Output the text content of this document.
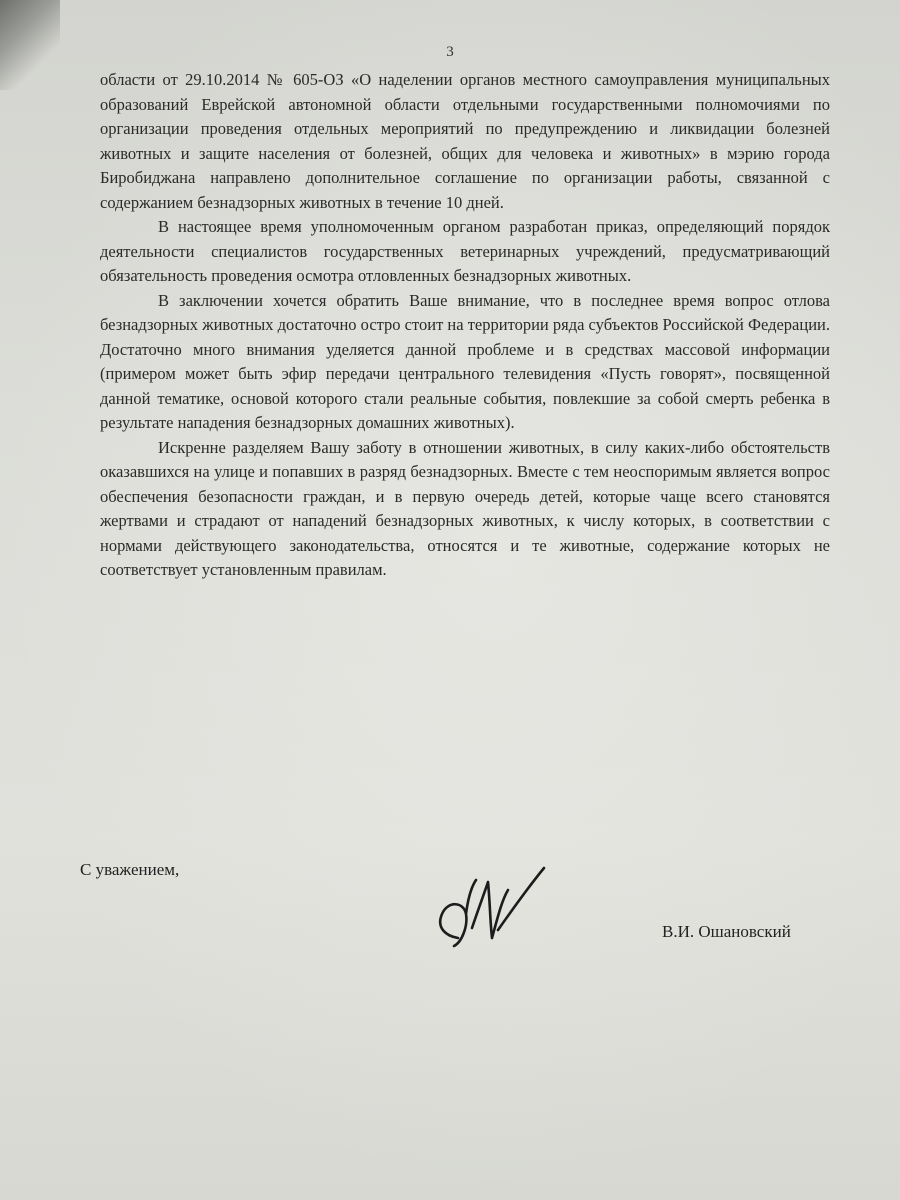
3

области от 29.10.2014 № 605-ОЗ «О наделении органов местного самоуправления муниципальных образований Еврейской автономной области отдельными государственными полномочиями по организации проведения отдельных мероприятий по предупреждению и ликвидации болезней животных и защите населения от болезней, общих для человека и животных» в мэрию города Биробиджана направлено дополнительное соглашение по организации работы, связанной с содержанием безнадзорных животных в течение 10 дней.

В настоящее время уполномоченным органом разработан приказ, определяющий порядок деятельности специалистов государственных ветеринарных учреждений, предусматривающий обязательность проведения осмотра отловленных безнадзорных животных.

В заключении хочется обратить Ваше внимание, что в последнее время вопрос отлова безнадзорных животных достаточно остро стоит на территории ряда субъектов Российской Федерации. Достаточно много внимания уделяется данной проблеме и в средствах массовой информации (примером может быть эфир передачи центрального телевидения «Пусть говорят», посвященной данной тематике, основой которого стали реальные события, повлекшие за собой смерть ребенка в результате нападения безнадзорных домашних животных).

Искренне разделяем Вашу заботу в отношении животных, в силу каких-либо обстоятельств оказавшихся на улице и попавших в разряд безнадзорных. Вместе с тем неоспоримым является вопрос обеспечения безопасности граждан, и в первую очередь детей, которые чаще всего становятся жертвами и страдают от нападений безнадзорных животных, к числу которых, в соответствии с нормами действующего законодательства, относятся и те животные, содержание которых не соответствует установленным правилам.

С уважением,
В.И. Ошановский
